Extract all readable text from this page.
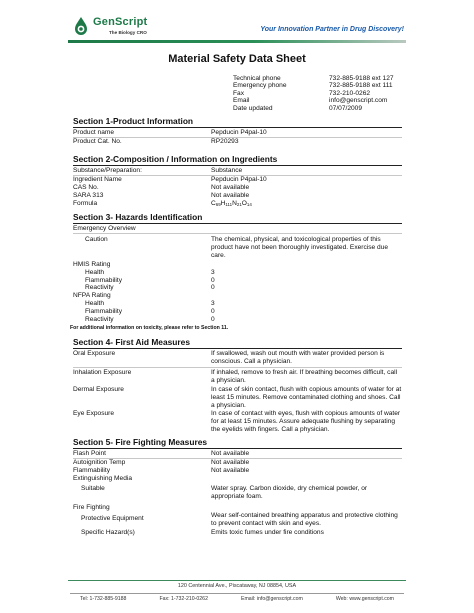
GenScript
The Biology CRO	Your Innovation Partner in Drug Discovery!
Material Safety Data Sheet
Technical phone	732-885-9188 ext 127
Emergency phone	732-885-9188 ext 111
Fax	732-210-0262
Email	info@genscript.com
Date updated	07/07/2009
Section 1-Product Information
Product name	Pepducin P4pal-10
Product Cat. No.	RP20293
Section 2-Composition / Information on Ingredients
Substance/Preparation:	Substance
Ingredient Name	Pepducin P4pal-10
CAS No.	Not available
SARA 313	Not available
Formula	$C_{69}H_{111}N_{21}O_{14}$
Section 3- Hazards Identification
Emergency Overview
Caution	The chemical, physical, and toxicological properties of this product have not been thoroughly investigated. Exercise due care.
HMIS Rating
Health	3
Flammability	0
Reactivity	0
NFPA Rating
Health	3
Flammability	0
Reactivity	0
For additional information on toxicity, please refer to Section 11.
Section 4- First Aid Measures
Oral Exposure	If swallowed, wash out mouth with water provided person is conscious. Call a physician.
Inhalation Exposure	If inhaled, remove to fresh air. If breathing becomes difficult, call a physician.
Dermal Exposure	In case of skin contact, flush with copious amounts of water for at least 15 minutes. Remove contaminated clothing and shoes. Call a physician.
Eye Exposure	In case of contact with eyes, flush with copious amounts of water for at least 15 minutes. Assure adequate flushing by separating the eyelids with fingers. Call a physician.
Section 5- Fire Fighting Measures
Flash Point	Not available
Autoignition Temp	Not available
Flammability	Not available
Extinguishing Media
Suitable	Water spray. Carbon dioxide, dry chemical powder, or appropriate foam.
Fire Fighting
Protective Equipment	Wear self-contained breathing apparatus and protective clothing to prevent contact with skin and eyes.
Specific Hazard(s)	Emits toxic fumes under fire conditions
120 Centennial Ave., Piscataway, NJ 08854, USA
Tel: 1-732-885-9188	Fax: 1-732-210-0262	Email: info@genscript.com	Web: www.genscript.com
